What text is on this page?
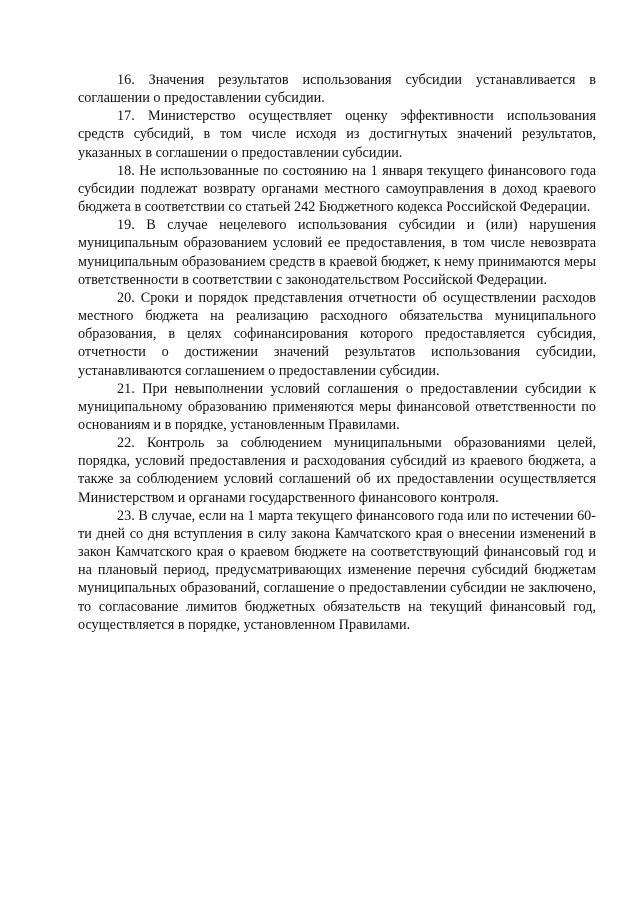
16. Значения результатов использования субсидии устанавливается в соглашении о предоставлении субсидии.

17. Министерство осуществляет оценку эффективности использования средств субсидий, в том числе исходя из достигнутых значений результатов, указанных в соглашении о предоставлении субсидии.

18. Не использованные по состоянию на 1 января текущего финансового года субсидии подлежат возврату органами местного самоуправления в доход краевого бюджета в соответствии со статьей 242 Бюджетного кодекса Российской Федерации.

19. В случае нецелевого использования субсидии и (или) нарушения муниципальным образованием условий ее предоставления, в том числе невозврата муниципальным образованием средств в краевой бюджет, к нему принимаются меры ответственности в соответствии с законодательством Российской Федерации.

20. Сроки и порядок представления отчетности об осуществлении расходов местного бюджета на реализацию расходного обязательства муниципального образования, в целях софинансирования которого предоставляется субсидия, отчетности о достижении значений результатов использования субсидии, устанавливаются соглашением о предоставлении субсидии.

21. При невыполнении условий соглашения о предоставлении субсидии к муниципальному образованию применяются меры финансовой ответственности по основаниям и в порядке, установленным Правилами.

22. Контроль за соблюдением муниципальными образованиями целей, порядка, условий предоставления и расходования субсидий из краевого бюджета, а также за соблюдением условий соглашений об их предоставлении осуществляется Министерством и органами государственного финансового контроля.

23. В случае, если на 1 марта текущего финансового года или по истечении 60-ти дней со дня вступления в силу закона Камчатского края о внесении изменений в закон Камчатского края о краевом бюджете на соответствующий финансовый год и на плановый период, предусматривающих изменение перечня субсидий бюджетам муниципальных образований, соглашение о предоставлении субсидии не заключено, то согласование лимитов бюджетных обязательств на текущий финансовый год, осуществляется в порядке, установленном Правилами.
